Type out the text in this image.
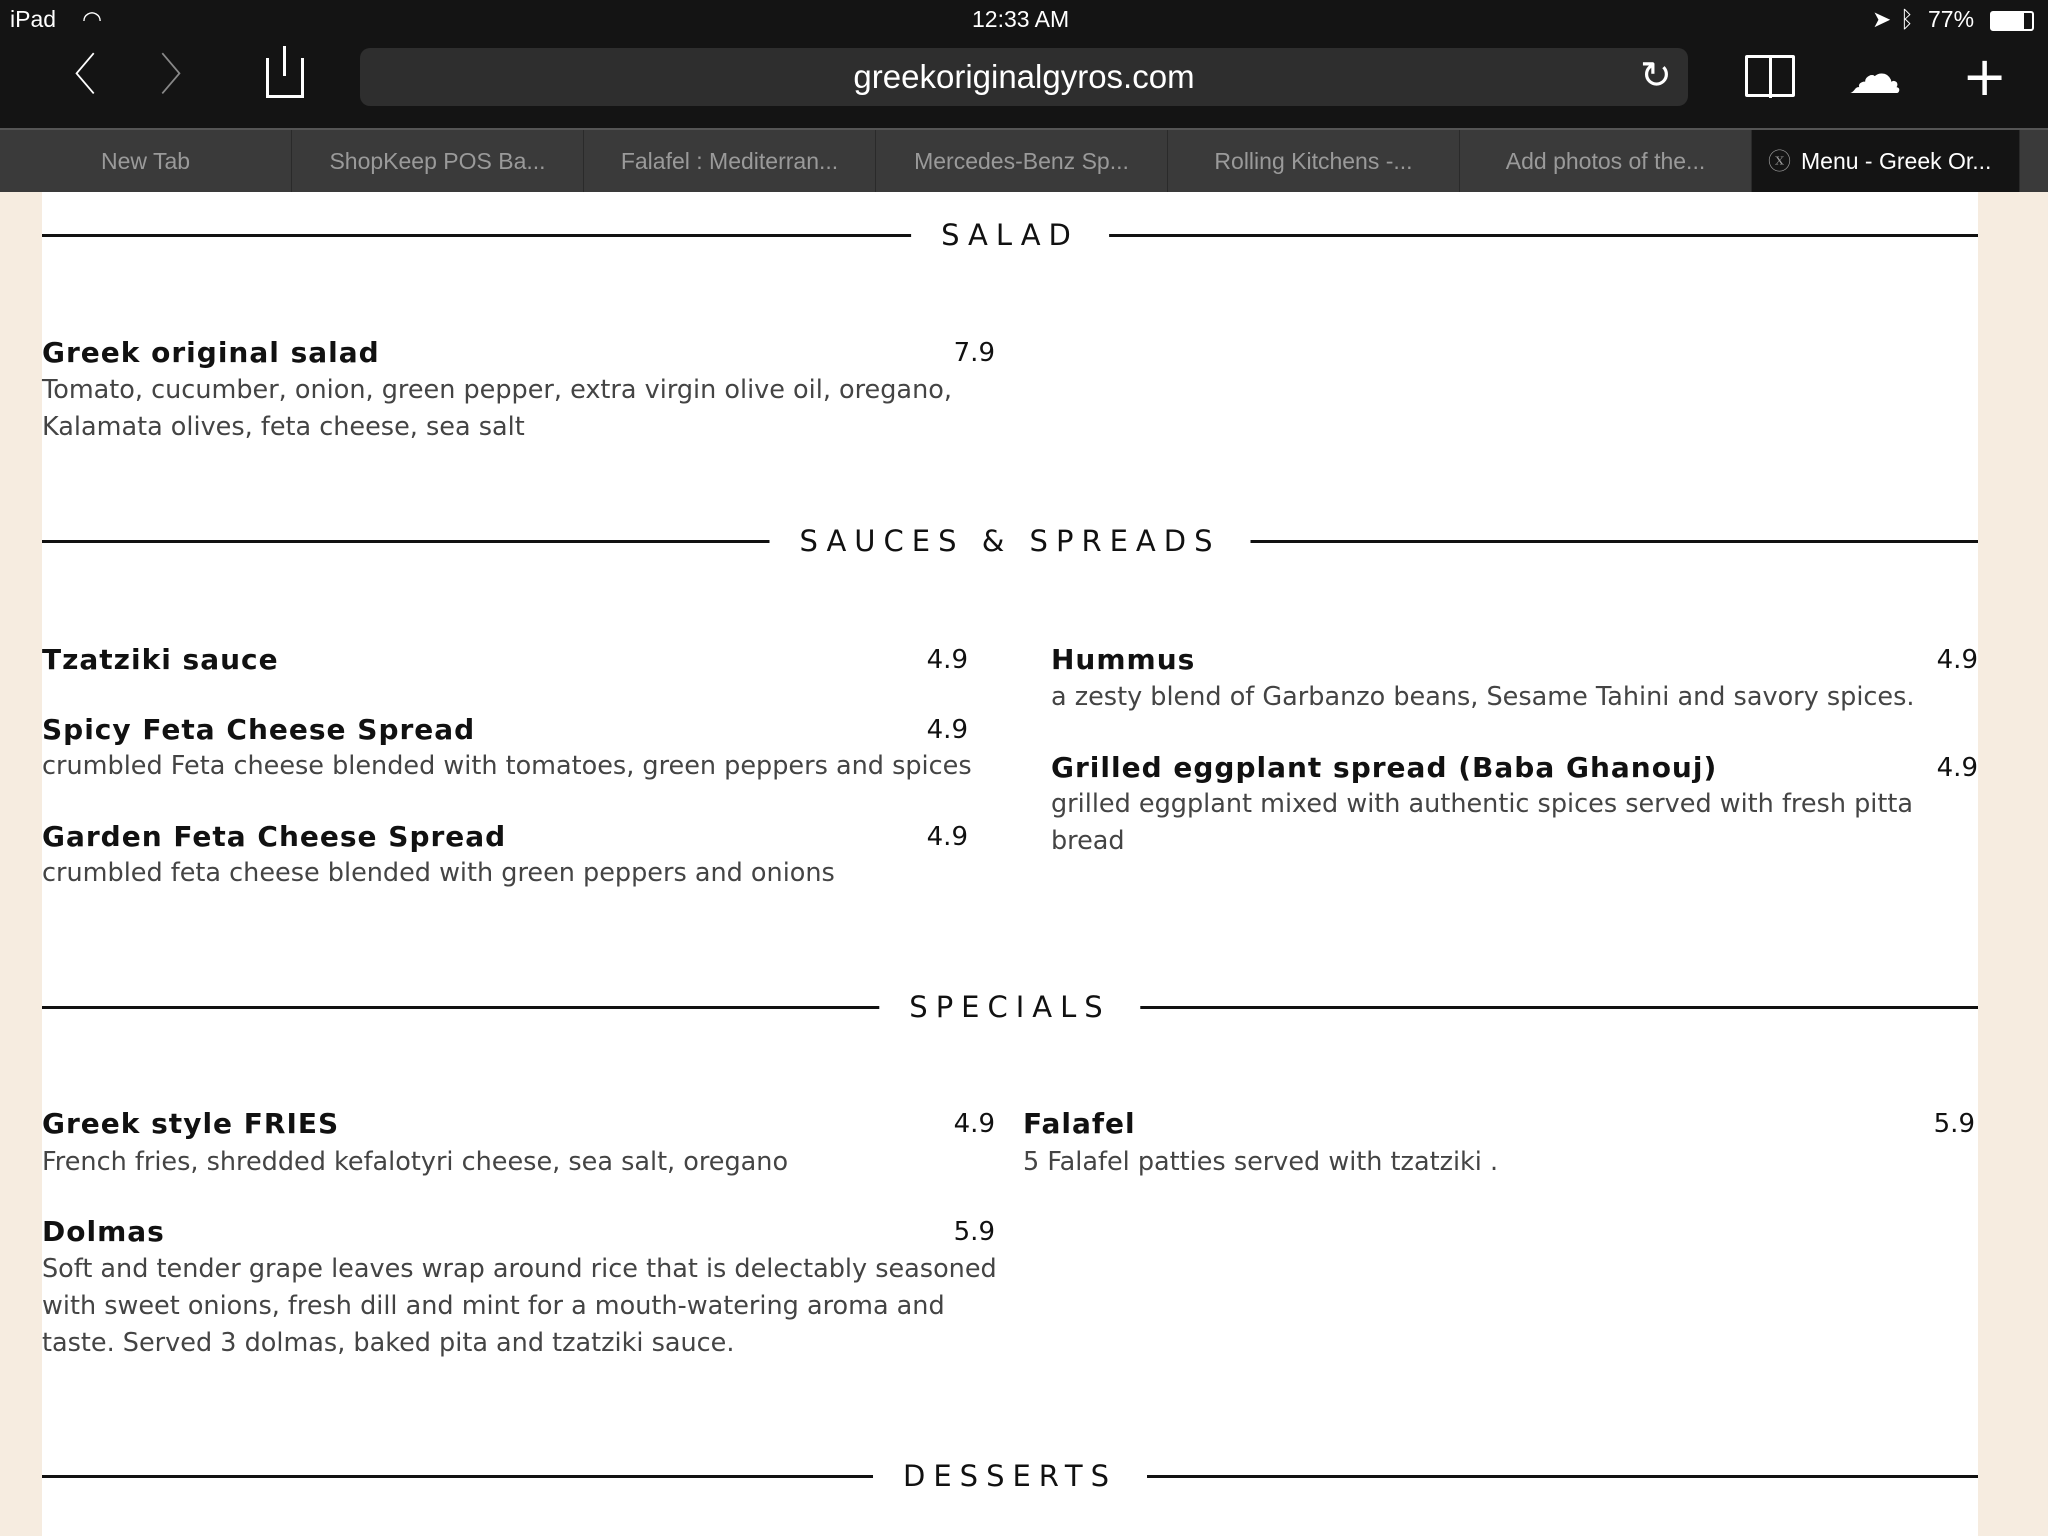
iPad ◠	12:33 AM	➤ ᛒ 77%
〈 〉	greekoriginalgyros.com	↻	☁ +
New Tab	ShopKeep POS Ba...	Falafel : Mediterran...	Mercedes-Benz Sp...	Rolling Kitchens -...	Add photos of the...	ⓧ Menu - Greek Or...
SALAD
Greek original salad	7.9
Tomato, cucumber, onion, green pepper, extra virgin olive oil, oregano,
Kalamata olives, feta cheese, sea salt
SAUCES & SPREADS
Tzatziki sauce	4.9
Spicy Feta Cheese Spread	4.9
crumbled Feta cheese blended with tomatoes, green peppers and spices
Garden Feta Cheese Spread	4.9
crumbled feta cheese blended with green peppers and onions
Hummus	4.9
a zesty blend of Garbanzo beans, Sesame Tahini and savory spices.
Grilled eggplant spread (Baba Ghanouj)	4.9
grilled eggplant mixed with authentic spices served with fresh pitta bread
SPECIALS
Greek style FRIES	4.9
French fries, shredded kefalotyri cheese, sea salt, oregano
Dolmas	5.9
Soft and tender grape leaves wrap around rice that is delectably seasoned
with sweet onions, fresh dill and mint for a mouth-watering aroma and
taste. Served 3 dolmas, baked pita and tzatziki sauce.
Falafel	5.9
5 Falafel patties served with tzatziki .
DESSERTS
